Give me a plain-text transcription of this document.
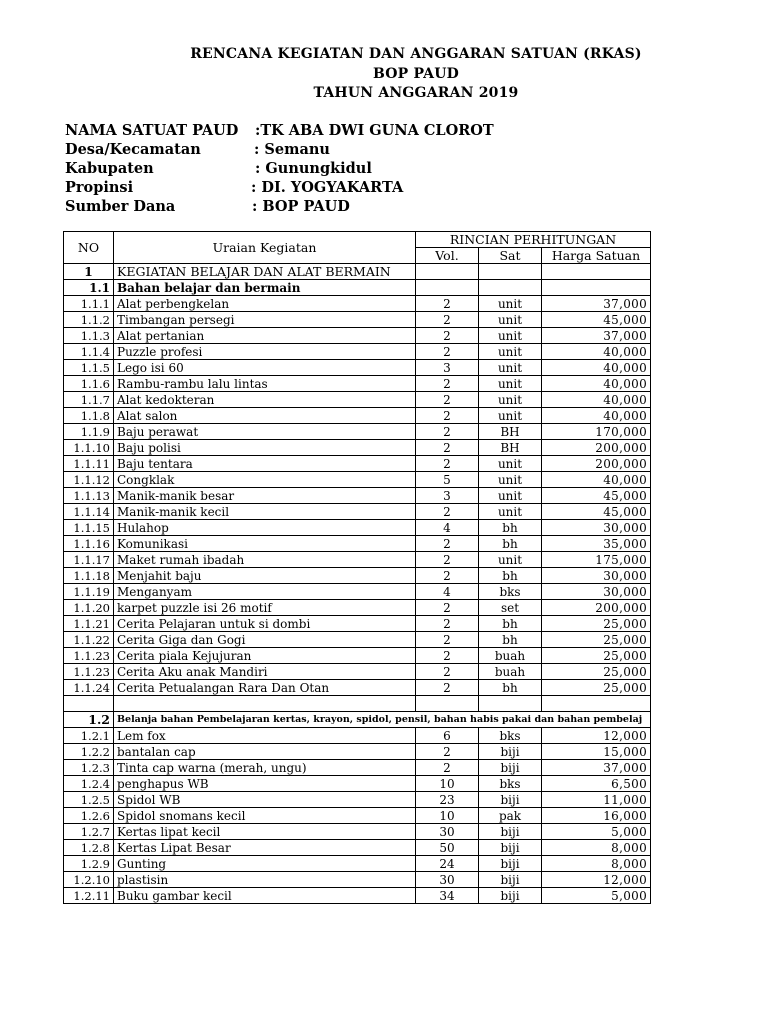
RENCANA KEGIATAN DAN ANGGARAN SATUAN (RKAS)
BOP PAUD
TAHUN ANGGARAN 2019
NAMA SATUAT PAUD :TK ABA DWI GUNA CLOROT
Desa/Kecamatan	: Semanu
Kabupaten	: Gunungkidul
Propinsi	: DI. YOGYAKARTA
Sumber Dana	: BOP PAUD
NO	Uraian Kegiatan	RINCIAN PERHITUNGAN		
		Vol.	Sat	Harga Satuan
1	KEGIATAN BELAJAR DAN ALAT BERMAIN			
1.1	Bahan belajar dan bermain			
1.1.1	Alat perbengkelan	2	unit	37,000
1.1.2	Timbangan persegi	2	unit	45,000
1.1.3	Alat pertanian	2	unit	37,000
1.1.4	Puzzle profesi	2	unit	40,000
1.1.5	Lego isi 60	3	unit	40,000
1.1.6	Rambu-rambu lalu lintas	2	unit	40,000
1.1.7	Alat kedokteran	2	unit	40,000
1.1.8	Alat salon	2	unit	40,000
1.1.9	Baju perawat	2	BH	170,000
1.1.10	Baju polisi	2	BH	200,000
1.1.11	Baju tentara	2	unit	200,000
1.1.12	Congklak	5	unit	40,000
1.1.13	Manik-manik besar	3	unit	45,000
1.1.14	Manik-manik kecil	2	unit	45,000
1.1.15	Hulahop	4	bh	30,000
1.1.16	Komunikasi	2	bh	35,000
1.1.17	Maket rumah ibadah	2	unit	175,000
1.1.18	Menjahit baju	2	bh	30,000
1.1.19	Menganyam	4	bks	30,000
1.1.20	karpet puzzle isi 26 motif	2	set	200,000
1.1.21	Cerita Pelajaran untuk si dombi	2	bh	25,000
1.1.22	Cerita Giga dan Gogi	2	bh	25,000
1.1.23	Cerita piala Kejujuran	2	buah	25,000
1.1.23	Cerita Aku anak Mandiri	2	buah	25,000
1.1.24	Cerita Petualangan Rara Dan Otan	2	bh	25,000

1.2	Belanja bahan Pembelajaran kertas, krayon, spidol, pensil, bahan habis pakai dan bahan pembelaj			
1.2.1	Lem fox	6	bks	12,000
1.2.2	bantalan cap	2	biji	15,000
1.2.3	Tinta cap warna (merah, ungu)	2	biji	37,000
1.2.4	penghapus WB	10	bks	6,500
1.2.5	Spidol WB	23	biji	11,000
1.2.6	Spidol snomans kecil	10	pak	16,000
1.2.7	Kertas lipat kecil	30	biji	5,000
1.2.8	Kertas Lipat Besar	50	biji	8,000
1.2.9	Gunting	24	biji	8,000
1.2.10	plastisin	30	biji	12,000
1.2.11	Buku gambar kecil	34	biji	5,000
